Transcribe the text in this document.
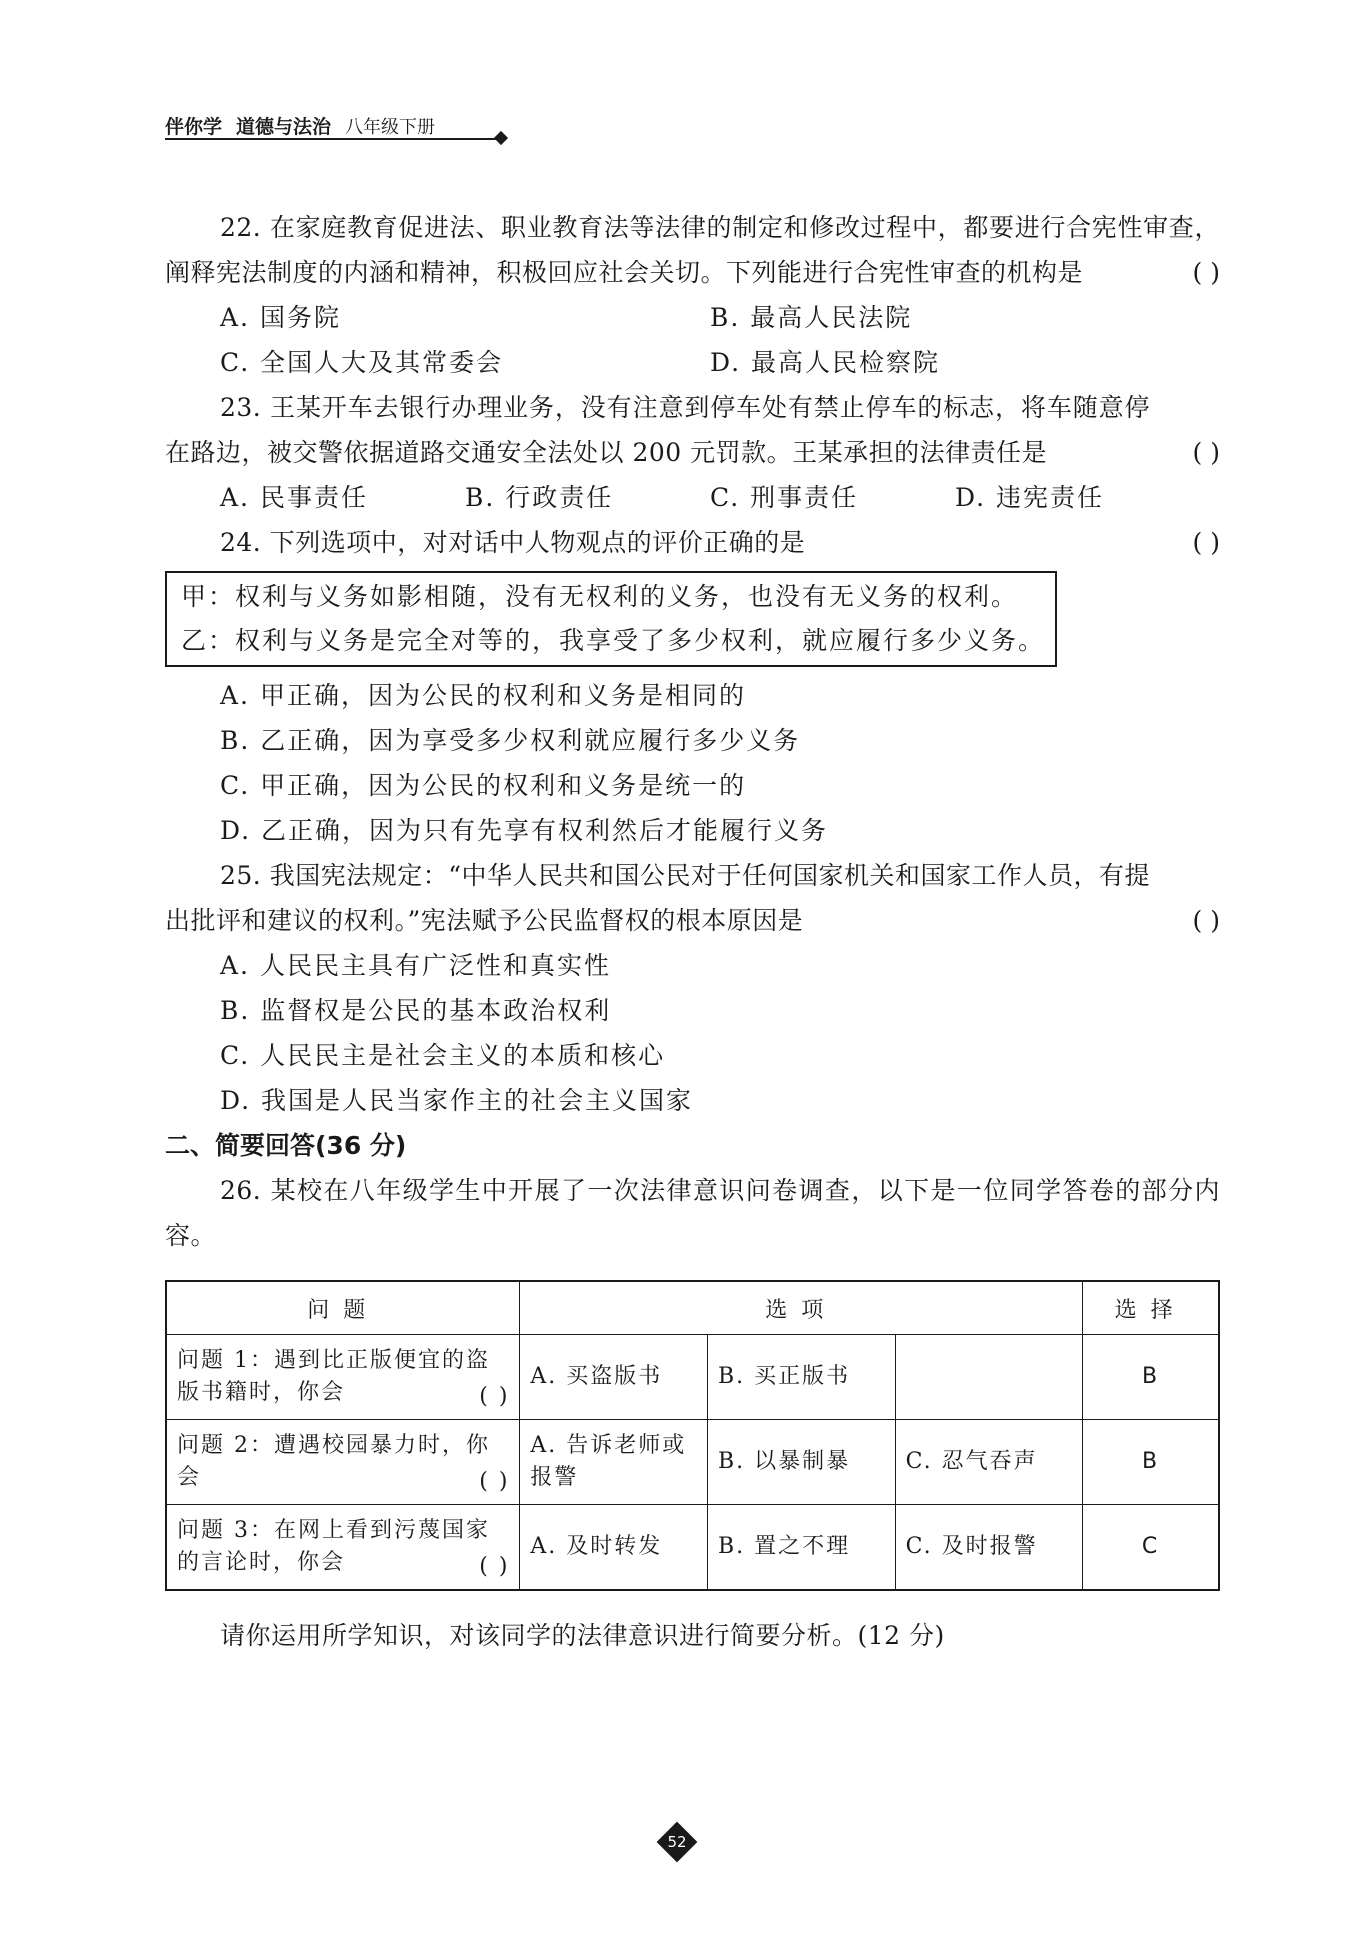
伴你学 道德与法治 八年级下册

22. 在家庭教育促进法、职业教育法等法律的制定和修改过程中，都要进行合宪性审查，阐释宪法制度的内涵和精神，积极回应社会关切。下列能进行合宪性审查的机构是	( )
A. 国务院	B. 最高人民法院
C. 全国人大及其常委会	D. 最高人民检察院

23. 王某开车去银行办理业务，没有注意到停车处有禁止停车的标志，将车随意停在路边，被交警依据道路交通安全法处以 200 元罚款。王某承担的法律责任是	( )
A. 民事责任	B. 行政责任	C. 刑事责任	D. 违宪责任

24. 下列选项中，对对话中人物观点的评价正确的是	( )
甲：权利与义务如影相随，没有无权利的义务，也没有无义务的权利。
乙：权利与义务是完全对等的，我享受了多少权利，就应履行多少义务。
A. 甲正确，因为公民的权利和义务是相同的
B. 乙正确，因为享受多少权利就应履行多少义务
C. 甲正确，因为公民的权利和义务是统一的
D. 乙正确，因为只有先享有权利然后才能履行义务

25. 我国宪法规定：“中华人民共和国公民对于任何国家机关和国家工作人员，有提出批评和建议的权利。”宪法赋予公民监督权的根本原因是	( )
A. 人民民主具有广泛性和真实性
B. 监督权是公民的基本政治权利
C. 人民民主是社会主义的本质和核心
D. 我国是人民当家作主的社会主义国家

二、简要回答(36 分)

26. 某校在八年级学生中开展了一次法律意识问卷调查，以下是一位同学答卷的部分内容。

问题	选项			选择
问题 1：遇到比正版便宜的盗版书籍时，你会 ( )	A. 买盗版书	B. 买正版书		B
问题 2：遭遇校园暴力时，你会 ( )	A. 告诉老师或报警	B. 以暴制暴	C. 忍气吞声	B
问题 3：在网上看到污蔑国家的言论时，你会 ( )	A. 及时转发	B. 置之不理	C. 及时报警	C

请你运用所学知识，对该同学的法律意识进行简要分析。(12 分)

52
